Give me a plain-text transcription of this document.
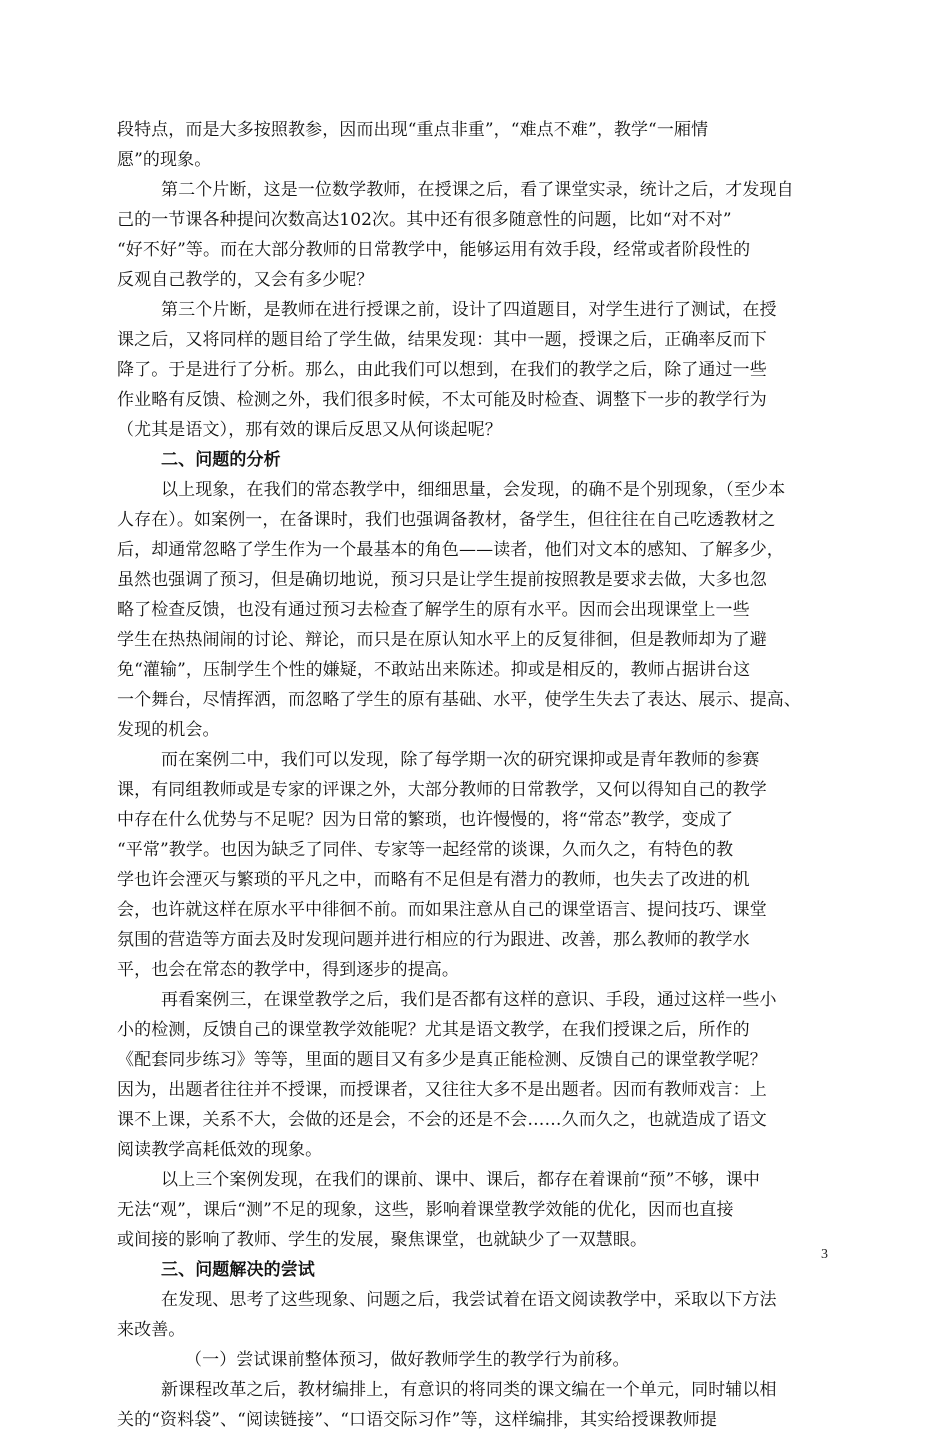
段特点，而是大多按照教参，因而出现“重点非重”，“难点不难”，教学“一厢情
愿”的现象。
第二个片断，这是一位数学教师，在授课之后，看了课堂实录，统计之后，才发现自
己的一节课各种提问次数高达102次。其中还有很多随意性的问题，比如“对不对”
“好不好”等。而在大部分教师的日常教学中，能够运用有效手段，经常或者阶段性的
反观自己教学的，又会有多少呢？
第三个片断，是教师在进行授课之前，设计了四道题目，对学生进行了测试，在授
课之后，又将同样的题目给了学生做，结果发现：其中一题，授课之后，正确率反而下
降了。于是进行了分析。那么，由此我们可以想到，在我们的教学之后，除了通过一些
作业略有反馈、检测之外，我们很多时候，不太可能及时检查、调整下一步的教学行为
（尤其是语文），那有效的课后反思又从何谈起呢？
二、问题的分析
以上现象，在我们的常态教学中，细细思量，会发现，的确不是个别现象，（至少本
人存在）。如案例一，在备课时，我们也强调备教材，备学生，但往往在自己吃透教材之
后，却通常忽略了学生作为一个最基本的角色——读者，他们对文本的感知、了解多少，
虽然也强调了预习，但是确切地说，预习只是让学生提前按照教是要求去做，大多也忽
略了检查反馈，也没有通过预习去检查了解学生的原有水平。因而会出现课堂上一些
学生在热热闹闹的讨论、辩论，而只是在原认知水平上的反复徘徊，但是教师却为了避
免“灌输”，压制学生个性的嫌疑，不敢站出来陈述。抑或是相反的，教师占据讲台这
一个舞台，尽情挥洒，而忽略了学生的原有基础、水平，使学生失去了表达、展示、提高、
发现的机会。
而在案例二中，我们可以发现，除了每学期一次的研究课抑或是青年教师的参赛
课，有同组教师或是专家的评课之外，大部分教师的日常教学，又何以得知自己的教学
中存在什么优势与不足呢？因为日常的繁琐，也许慢慢的，将“常态”教学，变成了
“平常”教学。也因为缺乏了同伴、专家等一起经常的谈课，久而久之，有特色的教
学也许会湮灭与繁琐的平凡之中，而略有不足但是有潜力的教师，也失去了改进的机
会，也许就这样在原水平中徘徊不前。而如果注意从自己的课堂语言、提问技巧、课堂
氛围的营造等方面去及时发现问题并进行相应的行为跟进、改善，那么教师的教学水
平，也会在常态的教学中，得到逐步的提高。
再看案例三，在课堂教学之后，我们是否都有这样的意识、手段，通过这样一些小
小的检测，反馈自己的课堂教学效能呢？尤其是语文教学，在我们授课之后，所作的
《配套同步练习》等等，里面的题目又有多少是真正能检测、反馈自己的课堂教学呢？
因为，出题者往往并不授课，而授课者，又往往大多不是出题者。因而有教师戏言：上
课不上课，关系不大，会做的还是会，不会的还是不会……久而久之，也就造成了语文
阅读教学高耗低效的现象。
以上三个案例发现，在我们的课前、课中、课后，都存在着课前“预”不够，课中
无法“观”，课后“测”不足的现象，这些，影响着课堂教学效能的优化，因而也直接
或间接的影响了教师、学生的发展，聚焦课堂，也就缺少了一双慧眼。
三、问题解决的尝试
在发现、思考了这些现象、问题之后，我尝试着在语文阅读教学中，采取以下方法
来改善。
（一）尝试课前整体预习，做好教师学生的教学行为前移。
新课程改革之后，教材编排上，有意识的将同类的课文编在一个单元，同时辅以相
关的“资料袋”、“阅读链接”、“口语交际习作”等，这样编排，其实给授课教师提
3
